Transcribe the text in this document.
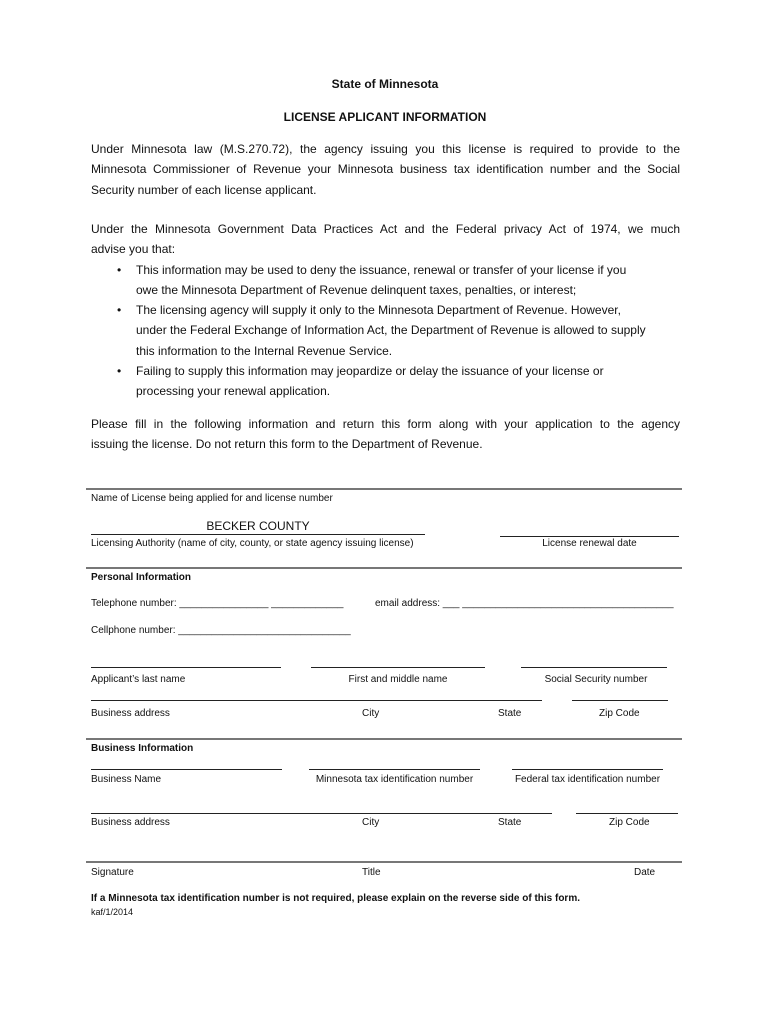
State of Minnesota
LICENSE APLICANT INFORMATION
Under Minnesota law (M.S.270.72), the agency issuing you this license is required to provide to the
Minnesota Commissioner of Revenue your Minnesota business tax identification number and the Social
Security number of each license applicant.
Under the Minnesota Government Data Practices Act and the Federal privacy Act of 1974, we much
advise you that:
• This information may be used to deny the issuance, renewal or transfer of your license if you
owe the Minnesota Department of Revenue delinquent taxes, penalties, or interest;
• The licensing agency will supply it only to the Minnesota Department of Revenue. However,
under the Federal Exchange of Information Act, the Department of Revenue is allowed to supply
this information to the Internal Revenue Service.
• Failing to supply this information may jeopardize or delay the issuance of your license or
processing your renewal application.
Please fill in the following information and return this form along with your application to the agency
issuing the license. Do not return this form to the Department of Revenue.
Name of License being applied for and license number
BECKER COUNTY
Licensing Authority (name of city, county, or state agency issuing license)	License renewal date
Personal Information
Telephone number: ________________ _____________	email address: ___ ______________________________________
Cellphone number: _______________________________
Applicant’s last name	First and middle name	Social Security number
Business address	City	State	Zip Code
Business Information
Business Name	Minnesota tax identification number	Federal tax identification number
Business address	City	State	Zip Code
Signature	Title	Date
If a Minnesota tax identification number is not required, please explain on the reverse side of this form.
kaf/1/2014
